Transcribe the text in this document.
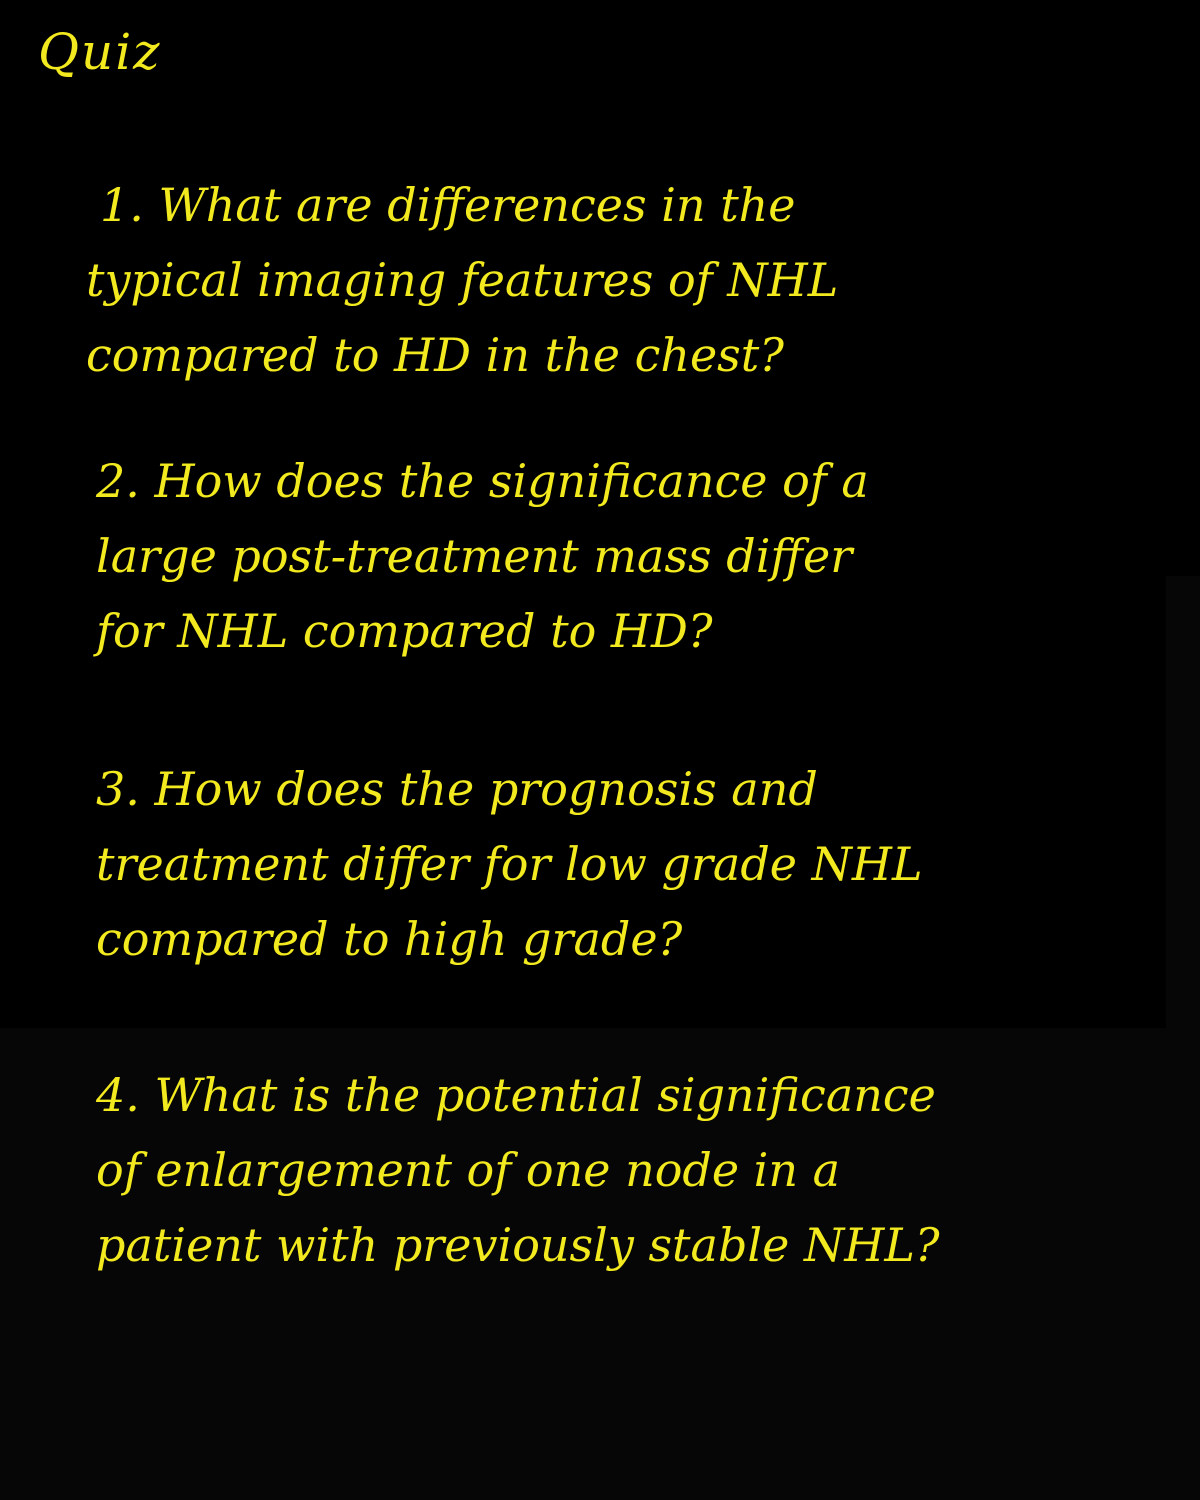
Quiz
1. What are differences in the
typical imaging features of NHL
compared to HD in the chest?
2. How does the significance of a
large post-treatment mass differ
for NHL compared to HD?
3. How does the prognosis and
treatment differ for low grade NHL
compared to high grade?
4. What is the potential significance
of enlargement of one node in a
patient with previously stable NHL?
